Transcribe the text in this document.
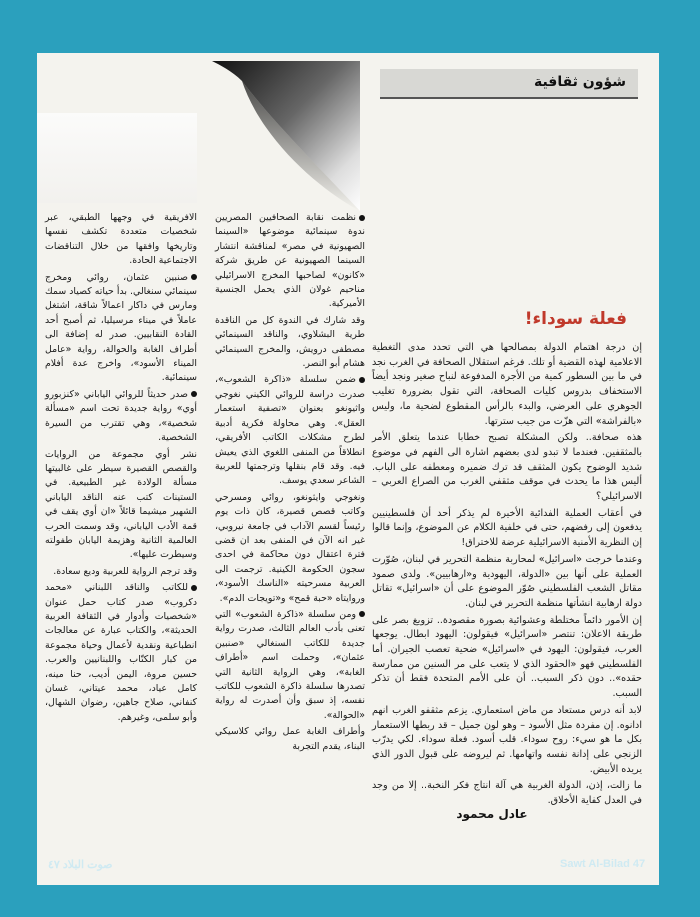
شؤون ثقافية
فعلة سوداء!

الافريقية في وجهها الطبقي، عبر شخصيات متعددة تكشف نفسها وتاريخها وافقها من خلال التناقضات الاجتماعية الحادة.

صنبين عثمان، روائي ومخرج سينمائي سنغالي. بدأ حياته كصياد سمك ومارس في داكار اعمالاً شاقة، اشتغل عاملاً في ميناء مرسيليا، ثم أصبح أحد القادة النقابيين. صدر له إضافة الى أطراف الغابة والحوالة، رواية «عامل الميناء الأسود»، واخرج عدة أفلام سينمائية.

صدر حديثاً للروائي الياباني «كنزبورو أوي» رواية جديدة تحت اسم «مسألة شخصية»، وهي تقترب من السيرة الشخصية.

نشر أوي مجموعة من الروايات والقصص القصيرة سيطر على غالبيتها مسألة الولادة غير الطبيعية. في الستينات كتب عنه الناقد الياباني الشهير ميشيما قائلاً «ان أوي يقف في قمة الأدب الياباني، وقد وسمت الحرب العالمية الثانية وهزيمة اليابان طفولته وسيطرت عليها».

وقد ترجم الرواية للعربية وديع سعادة.

للكاتب والناقد اللبناني «محمد دكروب» صدر كتاب حمل عنوان «شخصيات وأدوار في الثقافة العربية الحديثة»، والكتاب عبارة عن معالجات انطباعية ونقدية لأعمال وحياة مجموعة من كبار الكتّاب واللبنانيين والعرب. حسين مروة، اليمن أديب، حنا مينه، كامل عياد، محمد عيتاني، غسان كنفاني، صلاح جاهين، رضوان الشهال، وأبو سلمى، وغيرهم.

نظمت نقابة الصحافيين المصريين ندوة سينمائية موضوعها «السينما الصهيونية في مصر» لمناقشة انتشار السينما الصهيونية عن طريق شركة «كانون» لصاحبها المخرج الاسرائيلي مناحيم غولان الذي يحمل الجنسية الأميركية.

وقد شارك في الندوة كل من الناقدة طرية البشلاوي، والناقد السينمائي مصطفى درويش، والمخرج السينمائي هشام أبو النصر.

ضمن سلسلة «ذاكرة الشعوب»، صدرت دراسة للروائي الكيني نغوجي واثيونغو بعنوان «تصفية استعمار العقل». وهي محاولة فكرية أدبية لطرح مشكلات الكاتب الأفريقي، انطلاقاً من المنفى اللغوي الذي يعيش فيه. وقد قام بنقلها وترجمتها للعربية الشاعر سعدي يوسف.

ونغوجي وايثونغو، روائي ومسرحي وكاتب قصص قصيرة، كان ذات يوم رئيساً لقسم الآداب في جامعة نيروبي، غير انه الآن في المنفى بعد ان قضى فترة اعتقال دون محاكمة في احدى سجون الحكومة الكينية. ترجمت الى العربية مسرحيته «الناسك الأسود»، وروايتاه «حبة قمح» و«تويجات الدم».

ومن سلسلة «ذاكرة الشعوب» التي تعنى بأدب العالم الثالث، صدرت رواية جديدة للكاتب السنغالي «صنبين عثمان»، وحملت اسم «أطراف الغابة»، وهي الرواية الثانية التي تصدرها سلسلة ذاكرة الشعوب للكاتب نفسه، إذ سبق وأن أصدرت له رواية «الحوالة».

وأطراف الغابة عمل روائي كلاسيكي البناء، يقدم التجربة

إن درجة اهتمام الدولة بمصالحها هي التي تحدد مدى التغطية الاعلامية لهذه القضية أو تلك. فرغم استقلال الصحافة في الغرب نجد في ما بين السطور كمية من الأجرة المدفوعة لنباح صغير ونجد أيضاً الاستخفاف بدروس كليات الصحافة، التي تقول بضرورة تغليب الجوهري على العرضي، والبدء بالرأس المقطوع لضحية ما، وليس «بالفراشة» التي هزّت من جيب سترتها.

هذه صحافة.. ولكن المشكلة تصبح خطابا عندما يتعلق الأمر بالمثقفين. فعندما لا تبدو لدى بعضهم اشارة الى الفهم في موضوع شديد الوضوح يكون المثقف قد ترك ضميره ومعطفه على الباب. أليس هذا ما يحدث في موقف مثقفي الغرب من الصراع العربي – الاسرائيلي؟

في أعقاب العملية الفدائية الأخيرة لم يذكر أحد أن فلسطينيين يدفعون إلى رفضهم، حتى في خلفية الكلام عن الموضوع، وإنما قالوا إن النظرية الأمنية الاسرائيلية عرضة للاختراق!

وعندما خرجت «اسرائيل» لمحاربة منظمة التحرير في لبنان، صُوّرت العملية على أنها بين «الدولة، اليهودية و«ارهابيين». ولدى صمود مقاتل الشعب الفلسطيني صُوّر الموضوع على أن «اسرائيل» تقاتل دولة ارهابية انشأتها منظمة التحرير في لبنان.

إن الأمور دائماً مختلطة وعشوائية بصورة مقصودة.. تزويغ بصر على طريقة الاعلان: تنتصر «اسرائيل» فيقولون: اليهود ابطال. يوجعها العرب، فيقولون: اليهود في «اسرائيل» ضحية تعصب الجيران. أما الفلسطيني فهو «الحقود الذي لا يتعب على مر السنين من ممارسة حقده».. دون ذكر السبب.. أن على الأمم المتحدة فقط أن تذكر السبب.

لابد أنه درس مستعاد من ماض استعماري. يزعم مثقفو الغرب انهم ادانوه. إن مفردة مثل الأسود – وهو لون جميل – قد ربطها الاستعمار بكل ما هو سيء: روح سوداء. قلب أسود. فعلة سوداء. لكي يدرّب الزنجي على إدانة نفسه واتهامها. ثم ليروضه على قبول الدور الذي يريده الأبيض.

ما زالت، إذن، الدولة الغربية هي آلة انتاج فكر النخبة.. إلا من وجد في العدل كفاية الأخلاق.

عادل محمود
صوت البلاد ٤٧	Sawt Al-Bilad 47
